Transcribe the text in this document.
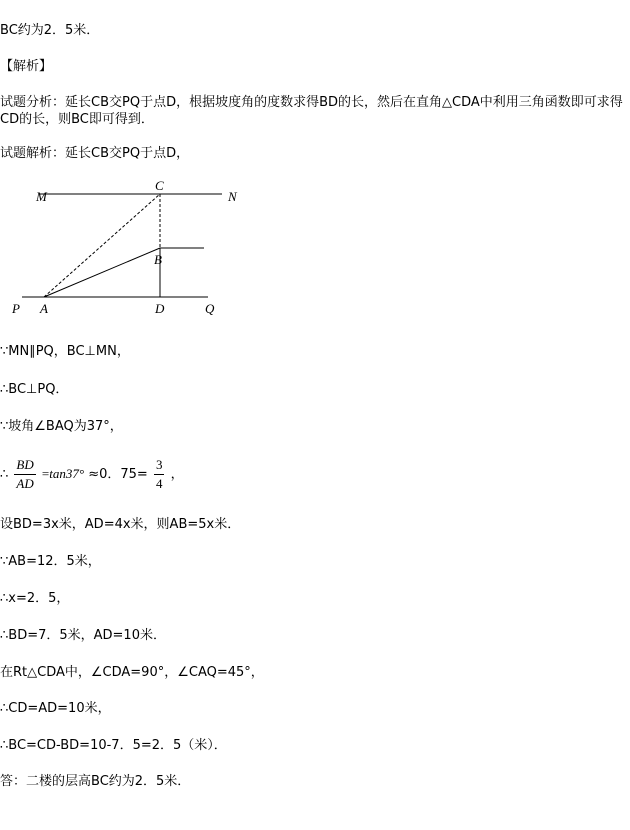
BC约为2．5米．
【解析】
试题分析：延长CB交PQ于点D，根据坡度角的度数求得BD的长，然后在直角△CDA中利用三角函数即可求得CD的长，则BC即可得到．
试题解析：延长CB交PQ于点D，
M
C
N
B
P A	D	Q
∵MN∥PQ，BC⊥MN，
∴BC⊥PQ．
∵坡角∠BAQ为37°，
∴ $\frac{BD}{AD} =\tan 37^\circ \approx 0$．$75= \frac{3}{4}$ ，
设BD=3x米，AD=4x米，则AB=5x米．
∵AB=12．5米，
∴x=2．5，
∴BD=7．5米，AD=10米．
在Rt△CDA中，∠CDA=90°，∠CAQ=45°，
∴CD=AD=10米，
∴BC=CD-BD=10-7．5=2．5（米）．
答：二楼的层高BC约为2．5米．
